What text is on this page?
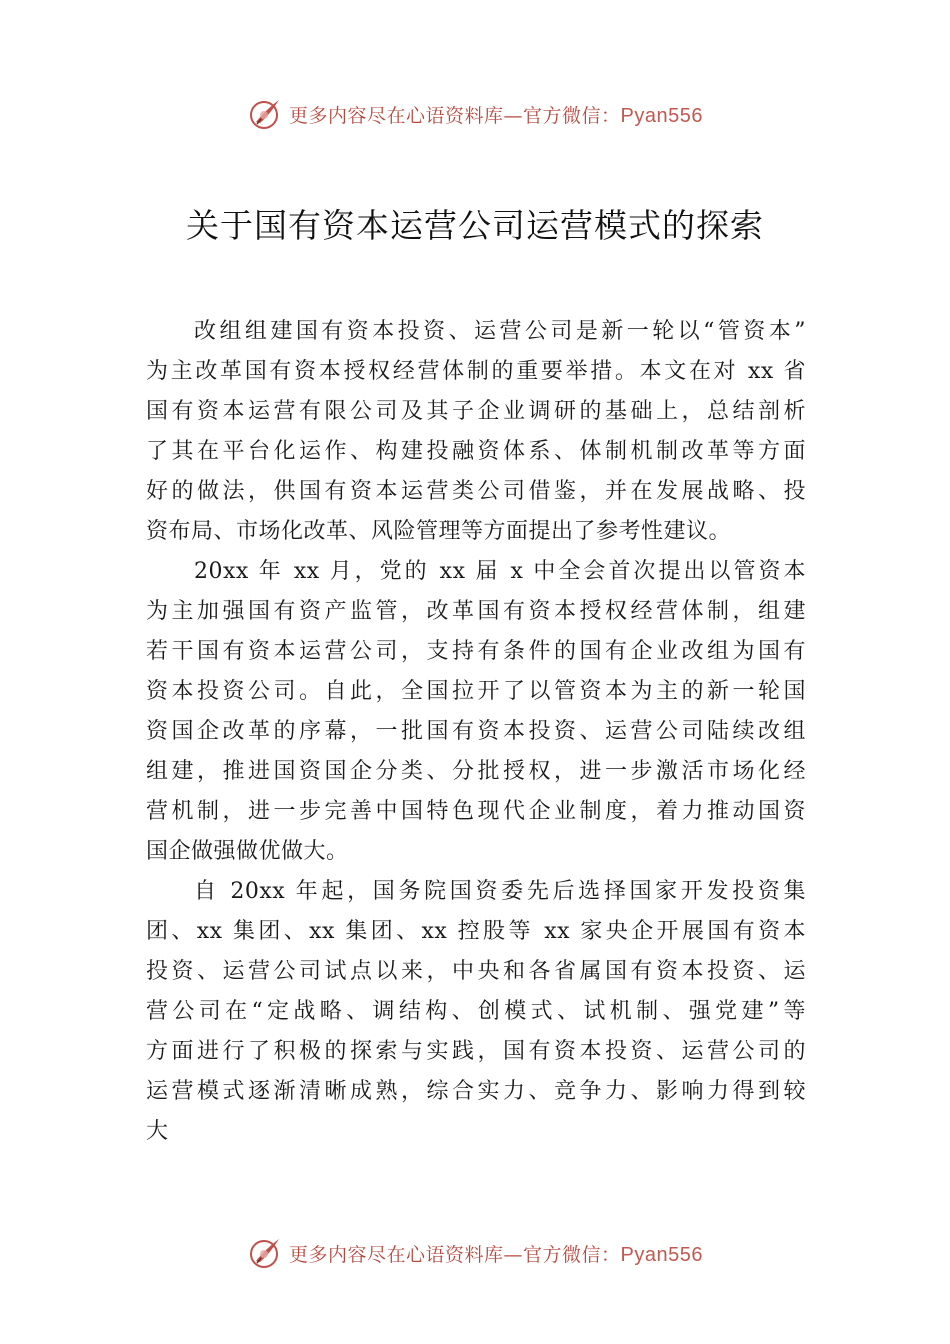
更多内容尽在心语资料库—官方微信：Pyan556
关于国有资本运营公司运营模式的探索
改组组建国有资本投资、运营公司是新一轮以“管资本”
为主改革国有资本授权经营体制的重要举措。本文在对 xx 省
国有资本运营有限公司及其子企业调研的基础上，总结剖析
了其在平台化运作、构建投融资体系、体制机制改革等方面
好的做法，供国有资本运营类公司借鉴，并在发展战略、投
资布局、市场化改革、风险管理等方面提出了参考性建议。
20xx 年 xx 月，党的 xx 届 x 中全会首次提出以管资本
为主加强国有资产监管，改革国有资本授权经营体制，组建
若干国有资本运营公司，支持有条件的国有企业改组为国有
资本投资公司。自此，全国拉开了以管资本为主的新一轮国
资国企改革的序幕，一批国有资本投资、运营公司陆续改组
组建，推进国资国企分类、分批授权，进一步激活市场化经
营机制，进一步完善中国特色现代企业制度，着力推动国资
国企做强做优做大。
自 20xx 年起，国务院国资委先后选择国家开发投资集
团、xx 集团、xx 集团、xx 控股等 xx 家央企开展国有资本
投资、运营公司试点以来，中央和各省属国有资本投资、运
营公司在“定战略、调结构、创模式、试机制、强党建”等
方面进行了积极的探索与实践，国有资本投资、运营公司的
运营模式逐渐清晰成熟，综合实力、竞争力、影响力得到较
大
更多内容尽在心语资料库—官方微信：Pyan556
